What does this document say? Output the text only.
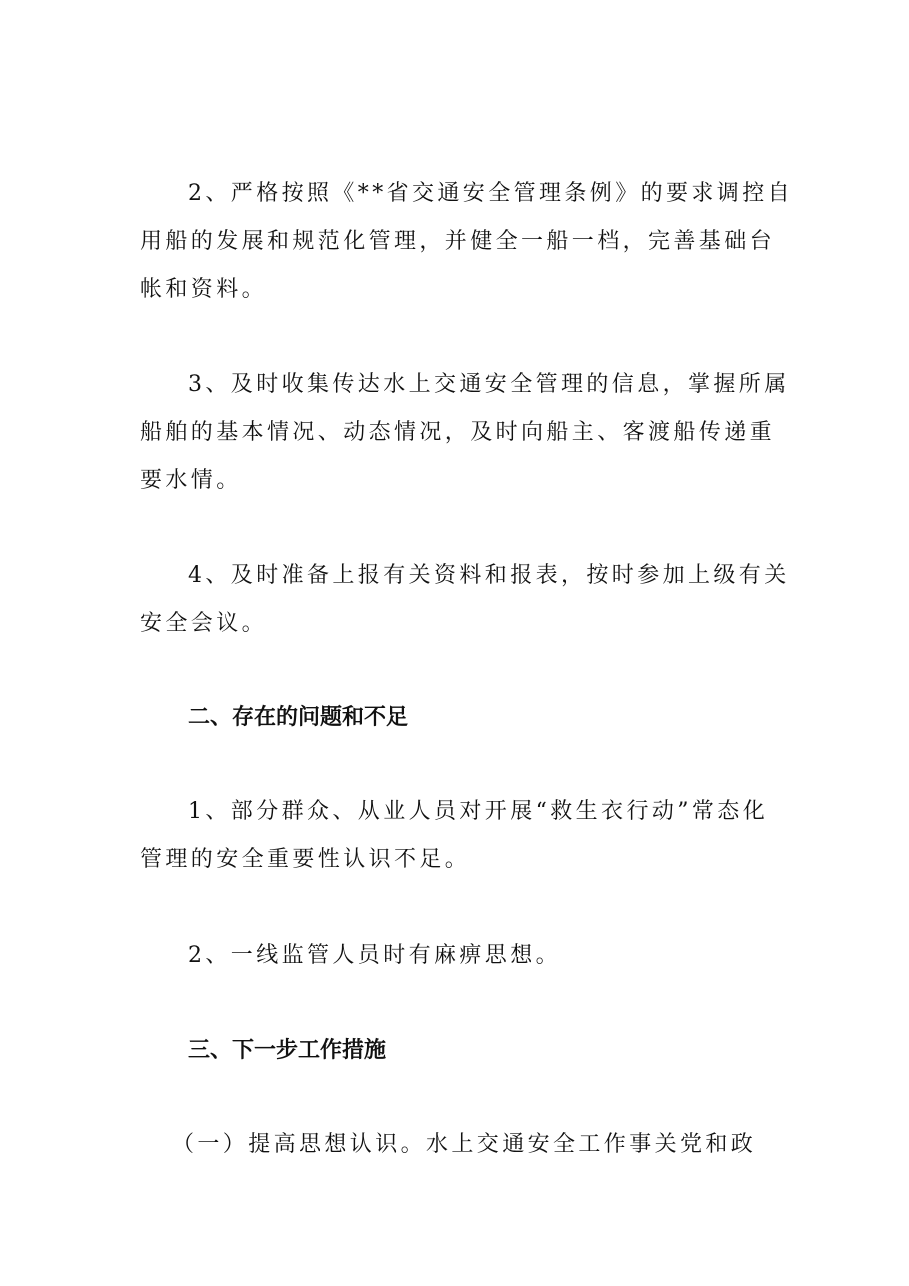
2、严格按照《**省交通安全管理条例》的要求调控自
用船的发展和规范化管理，并健全一船一档，完善基础台
帐和资料。
3、及时收集传达水上交通安全管理的信息，掌握所属
船舶的基本情况、动态情况，及时向船主、客渡船传递重
要水情。
4、及时准备上报有关资料和报表，按时参加上级有关
安全会议。
二、存在的问题和不足
1、部分群众、从业人员对开展“救生衣行动”常态化
管理的安全重要性认识不足。
2、一线监管人员时有麻痹思想。
三、下一步工作措施
（一）提高思想认识。水上交通安全工作事关党和政
